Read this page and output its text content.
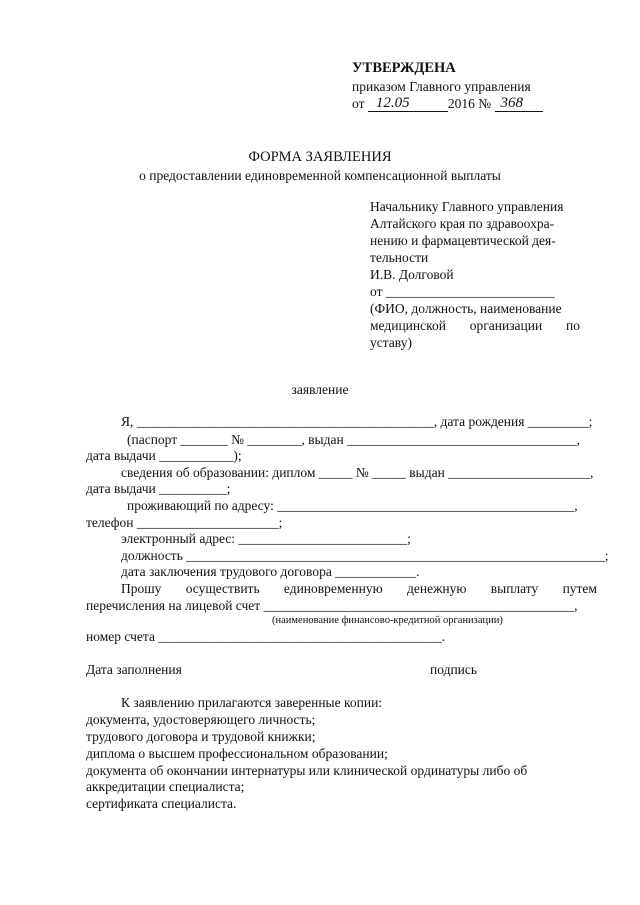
УТВЕРЖДЕНА
приказом Главного управления
от 12.05	2016 № 368
ФОРМА ЗАЯВЛЕНИЯ
о предоставлении единовременной компенсационной выплаты
Начальнику Главного управления
Алтайского края по здравоохра-
нению и фармацевтической дея-
тельности
И.В. Долговой
от _________________________
(ФИО, должность, наименование
медицинской организации по
уставу)
заявление
Я, ____________________________________________, дата рождения _________;
(паспорт _______ № ________, выдан __________________________________,
дата выдачи ___________);
сведения об образовании: диплом _____ № _____ выдан _____________________,
дата выдачи __________;
проживающий по адресу: ____________________________________________,
телефон _____________________;
электронный адрес: _________________________;
должность ______________________________________________________________;
дата заключения трудового договора ____________.
Прошу осуществить единовременную денежную выплату путем
перечисления на лицевой счет ______________________________________________,
(наименование финансово-кредитной организации)
номер счета __________________________________________.
Дата заполнения	подпись
К заявлению прилагаются заверенные копии:
документа, удостоверяющего личность;
трудового договора и трудовой книжки;
диплома о высшем профессиональном образовании;
документа об окончании интернатуры или клинической ординатуры либо об
аккредитации специалиста;
сертификата специалиста.
